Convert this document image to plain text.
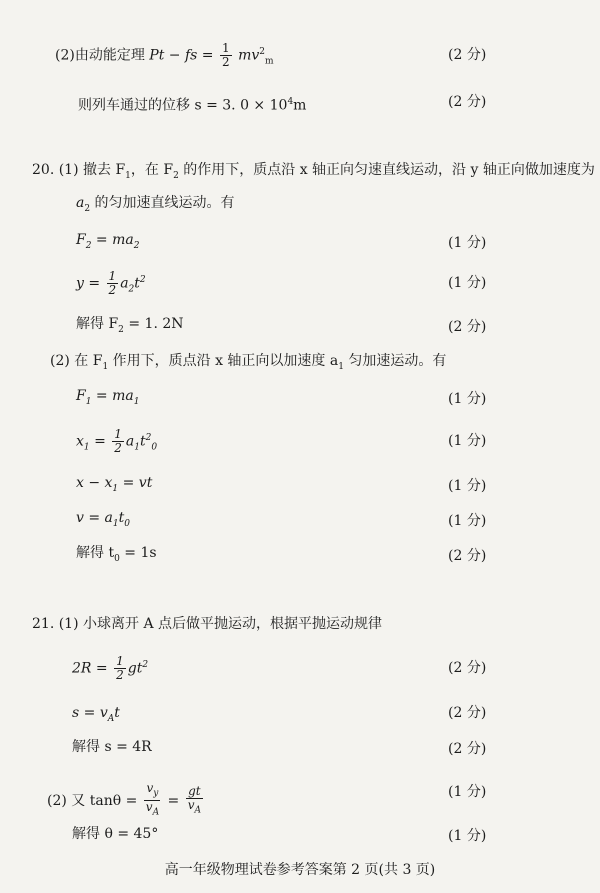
(2)由动能定理 Pt − fs = $\frac{1}{2} mv^2_m$	(2 分)
则列车通过的位移 s = 3. $0 \times 10^4m$	(2 分)
20. (1) 撤去 $F_1$，在 $F_2$ 的作用下，质点沿 x 轴正向匀速直线运动，沿 y 轴正向做加速度为
$a_2$ 的匀加速直线运动。有
$F_2 = ma_2$	(1 分)
$y = \frac{1}{2} a_2t^2$	(1 分)
解得 $F_2 = 1$. 2N	(2 分)
(2) 在 $F_1$ 作用下，质点沿 x 轴正向以加速度 $a_1$ 匀加速运动。有
$F_1 = ma_1$	(1 分)
$x_1 = \frac{1}{2} a_1t^2_0$	(1 分)
$x - x_1$ = vt	(1 分)
$v = a_1t_0$	(1 分)
解得 $t_0 = 1s$	(2 分)
21. (1) 小球离开 A 点后做平抛运动，根据平抛运动规律
$2R = \frac{1}{2} gt^2$	(2 分)
$s = v_At$	(2 分)
解得 s = 4R	(2 分)
(2) 又 $\tan\theta = \frac{v_y}{v_A} = \frac{gt}{v_A}$	(1 分)
解得 θ = 45°	(1 分)
高一年级物理试卷参考答案第 2 页(共 3 页)
